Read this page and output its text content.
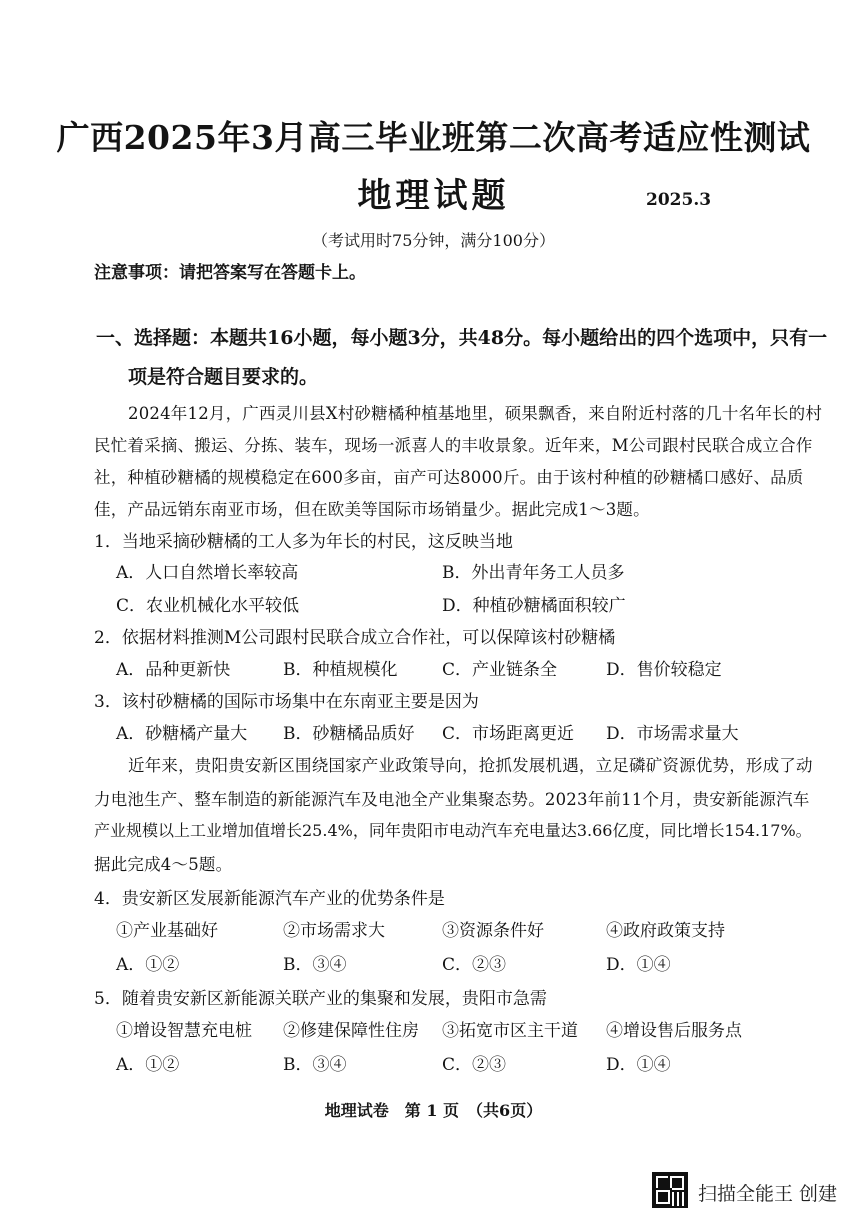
广西2025年3月高三毕业班第二次高考适应性测试
地理试题	2025.3
（考试用时75分钟，满分100分）
注意事项：请把答案写在答题卡上。
一、选择题：本题共16小题，每小题3分，共48分。每小题给出的四个选项中，只有一
项是符合题目要求的。
2024年12月，广西灵川县X村砂糖橘种植基地里，硕果飘香，来自附近村落的几十名年长的村
民忙着采摘、搬运、分拣、装车，现场一派喜人的丰收景象。近年来，M公司跟村民联合成立合作
社，种植砂糖橘的规模稳定在600多亩，亩产可达8000斤。由于该村种植的砂糖橘口感好、品质
佳，产品远销东南亚市场，但在欧美等国际市场销量少。据此完成1～3题。
1．当地采摘砂糖橘的工人多为年长的村民，这反映当地
A．人口自然增长率较高	B．外出青年务工人员多
C．农业机械化水平较低	D．种植砂糖橘面积较广
2．依据材料推测M公司跟村民联合成立合作社，可以保障该村砂糖橘
A．品种更新快	B．种植规模化	C．产业链条全	D．售价较稳定
3．该村砂糖橘的国际市场集中在东南亚主要是因为
A．砂糖橘产量大 B．砂糖橘品质好 C．市场距离更近 D．市场需求量大
近年来，贵阳贵安新区围绕国家产业政策导向，抢抓发展机遇，立足磷矿资源优势，形成了动
力电池生产、整车制造的新能源汽车及电池全产业集聚态势。2023年前11个月，贵安新能源汽车
产业规模以上工业增加值增长25.4%，同年贵阳市电动汽车充电量达3.66亿度，同比增长154.17%。
据此完成4～5题。
4．贵安新区发展新能源汽车产业的优势条件是
①产业基础好	②市场需求大	③资源条件好	④政府政策支持
A．①②	B．③④	C．②③	D．①④
5．随着贵安新区新能源关联产业的集聚和发展，贵阳市急需
①增设智慧充电桩 ②修建保障性住房 ③拓宽市区主干道 ④增设售后服务点
A．①②	B．③④	C．②③	D．①④
地理试卷　第 1 页　（共6页）
扫描全能王 创建
